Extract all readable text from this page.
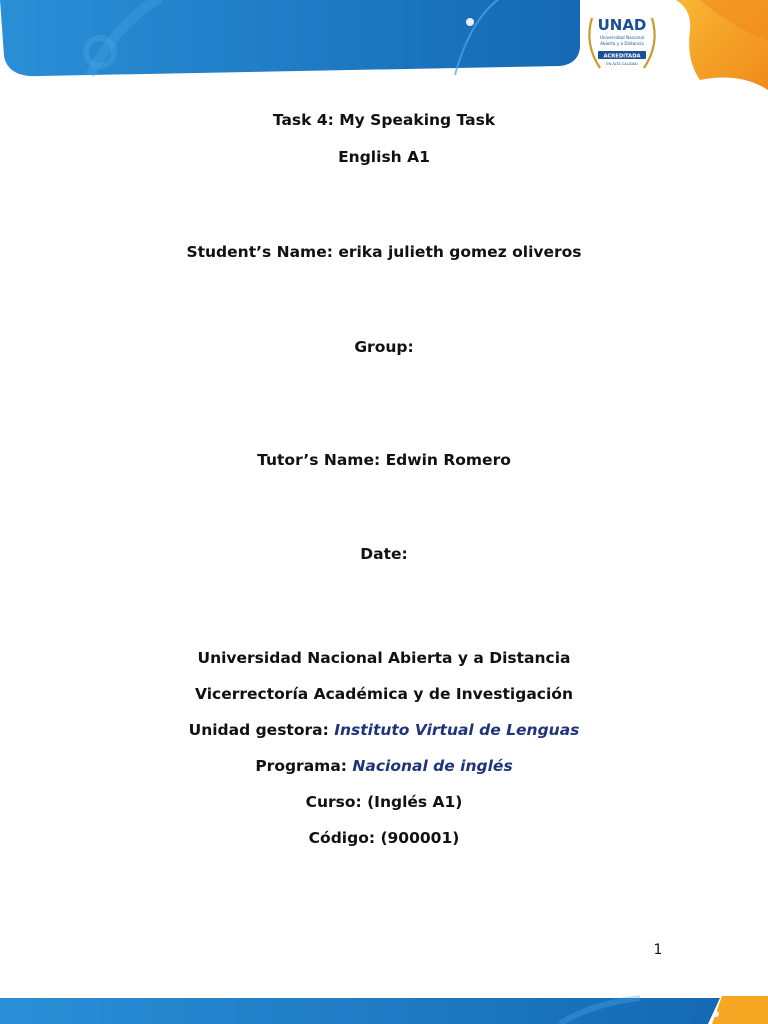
UNAD
Universidad Nacional
Abierta y a Distancia
ACREDITADA
EN ALTA CALIDAD
Task 4: My Speaking Task
English A1
Student’s Name: erika julieth gomez oliveros
Group:
Tutor’s Name: Edwin Romero
Date:
Universidad Nacional Abierta y a Distancia
Vicerrectoría Académica y de Investigación
Unidad gestora: Instituto Virtual de Lenguas
Programa: Nacional de inglés
Curso: (Inglés A1)
Código: (900001)
1
